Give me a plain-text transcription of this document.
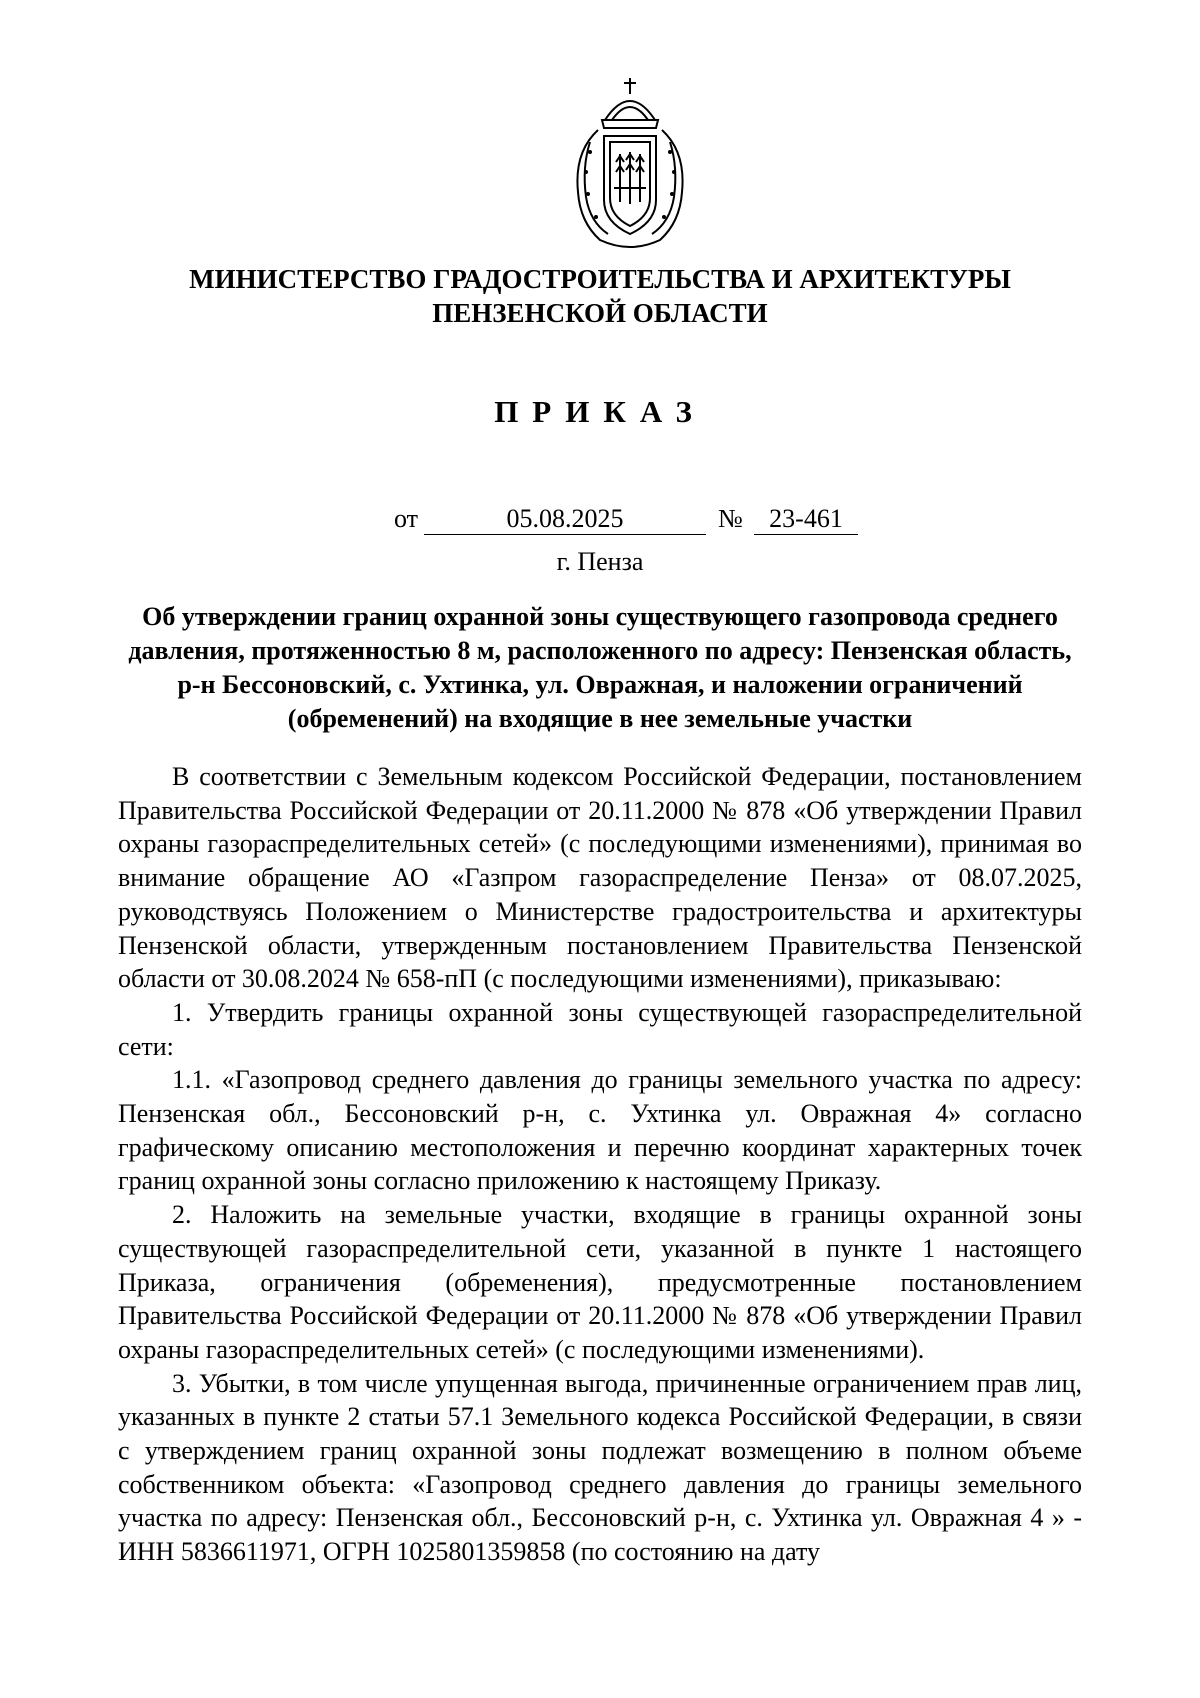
МИНИСТЕРСТВО ГРАДОСТРОИТЕЛЬСТВА И АРХИТЕКТУРЫ
ПЕНЗЕНСКОЙ ОБЛАСТИ
ПРИКАЗ
от	05.08.2025	№	23-461
г. Пенза
Об утверждении границ охранной зоны существующего газопровода среднего давления, протяженностью 8 м, расположенного по адресу: Пензенская область, р-н Бессоновский, с. Ухтинка, ул. Овражная, и наложении ограничений (обременений) на входящие в нее земельные участки

В соответствии с Земельным кодексом Российской Федерации, постановлением Правительства Российской Федерации от 20.11.2000 № 878 «Об утверждении Правил охраны газораспределительных сетей» (с последующими изменениями), принимая во внимание обращение АО «Газпром газораспределение Пенза» от 08.07.2025, руководствуясь Положением о Министерстве градостроительства и архитектуры Пензенской области, утвержденным постановлением Правительства Пензенской области от 30.08.2024 № 658-пП (с последующими изменениями), приказываю:

1. Утвердить границы охранной зоны существующей газораспределительной сети:

1.1. «Газопровод среднего давления до границы земельного участка по адресу: Пензенская обл., Бессоновский р-н, с. Ухтинка ул. Овражная 4» согласно графическому описанию местоположения и перечню координат характерных точек границ охранной зоны согласно приложению к настоящему Приказу.

2. Наложить на земельные участки, входящие в границы охранной зоны существующей газораспределительной сети, указанной в пункте 1 настоящего Приказа, ограничения (обременения), предусмотренные постановлением Правительства Российской Федерации от 20.11.2000 № 878 «Об утверждении Правил охраны газораспределительных сетей» (с последующими изменениями).

3. Убытки, в том числе упущенная выгода, причиненные ограничением прав лиц, указанных в пункте 2 статьи 57.1 Земельного кодекса Российской Федерации, в связи с утверждением границ охранной зоны подлежат возмещению в полном объеме собственником объекта: «Газопровод среднего давления до границы земельного участка по адресу: Пензенская обл., Бессоновский р-н, с. Ухтинка ул. Овражная 4 » - ИНН 5836611971, ОГРН 1025801359858 (по состоянию на дату
